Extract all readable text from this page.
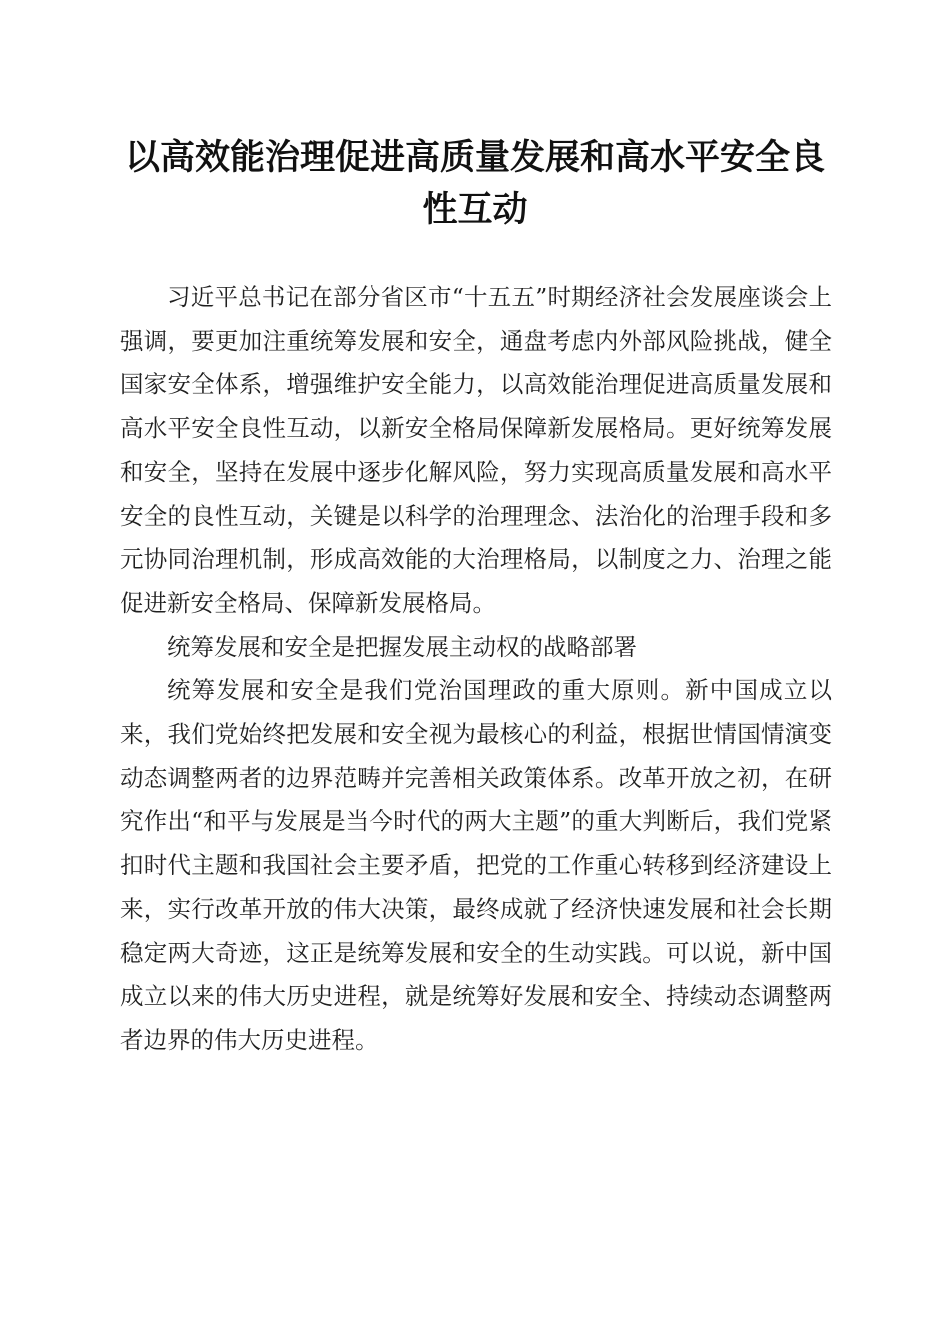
以高效能治理促进高质量发展和高水平安全良性互动

习近平总书记在部分省区市“十五五”时期经济社会发展座谈会上强调，要更加注重统筹发展和安全，通盘考虑内外部风险挑战，健全国家安全体系，增强维护安全能力，以高效能治理促进高质量发展和高水平安全良性互动，以新安全格局保障新发展格局。更好统筹发展和安全，坚持在发展中逐步化解风险，努力实现高质量发展和高水平安全的良性互动，关键是以科学的治理理念、法治化的治理手段和多元协同治理机制，形成高效能的大治理格局，以制度之力、治理之能促进新安全格局、保障新发展格局。

统筹发展和安全是把握发展主动权的战略部署

统筹发展和安全是我们党治国理政的重大原则。新中国成立以来，我们党始终把发展和安全视为最核心的利益，根据世情国情演变动态调整两者的边界范畴并完善相关政策体系。改革开放之初，在研究作出“和平与发展是当今时代的两大主题”的重大判断后，我们党紧扣时代主题和我国社会主要矛盾，把党的工作重心转移到经济建设上来，实行改革开放的伟大决策，最终成就了经济快速发展和社会长期稳定两大奇迹，这正是统筹发展和安全的生动实践。可以说，新中国成立以来的伟大历史进程，就是统筹好发展和安全、持续动态调整两者边界的伟大历史进程。
